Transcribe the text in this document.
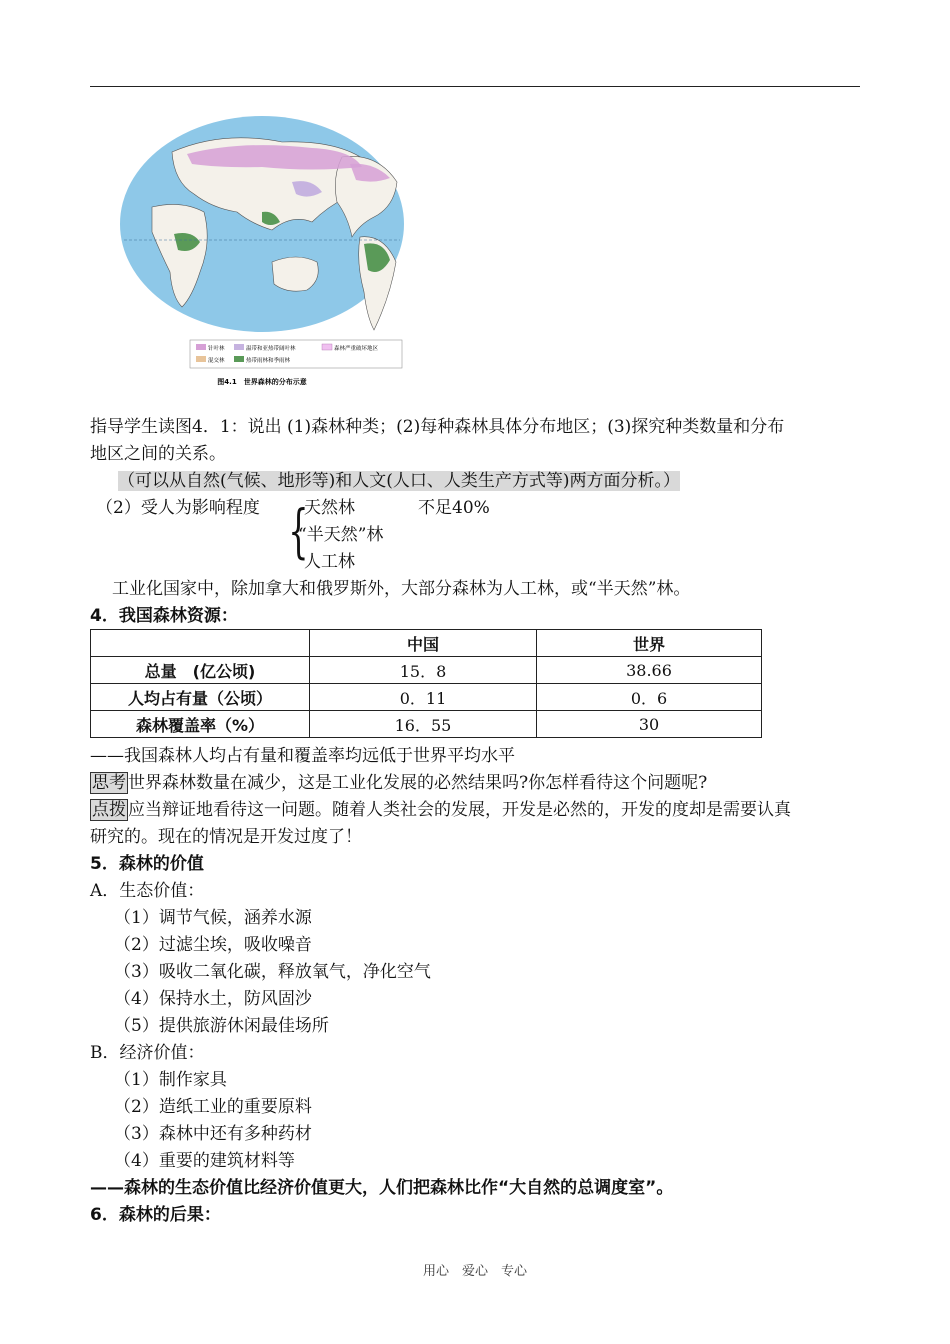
针叶林	温带和亚热带阔叶林	森林严重破坏地区
混交林	热带雨林和季雨林
图4.1　世界森林的分布示意
指导学生读图4．1：说出 (1)森林种类；(2)每种森林具体分布地区；(3)探究种类数量和分布
地区之间的关系。
（可以从自然(气候、地形等)和人文(人口、人类生产方式等)两方面分析。）
（2）受人为影响程度 {
天然林	不足40%
“半天然”林
人工林
工业化国家中，除加拿大和俄罗斯外，大部分森林为人工林，或“半天然”林。
4．我国森林资源：
	中国	世界
总量　(亿公顷)	15．8	38.66
人均占有量（公顷）	0．11	0．6
森林覆盖率（%）	16．55	30
——我国森林人均占有量和覆盖率均远低于世界平均水平
思考 世界森林数量在减少，这是工业化发展的必然结果吗?你怎样看待这个问题呢?
点拨 应当辩证地看待这一问题。随着人类社会的发展，开发是必然的，开发的度却是需要认真
研究的。现在的情况是开发过度了！
5．森林的价值
A．生态价值：
（1）调节气候，涵养水源
（2）过滤尘埃，吸收噪音
（3）吸收二氧化碳，释放氧气，净化空气
（4）保持水土，防风固沙
（5）提供旅游休闲最佳场所
B．经济价值：
（1）制作家具
（2）造纸工业的重要原料
（3）森林中还有多种药材
（4）重要的建筑材料等
——森林的生态价值比经济价值更大，人们把森林比作“大自然的总调度室”。
6．森林的后果：
用心　爱心　专心
